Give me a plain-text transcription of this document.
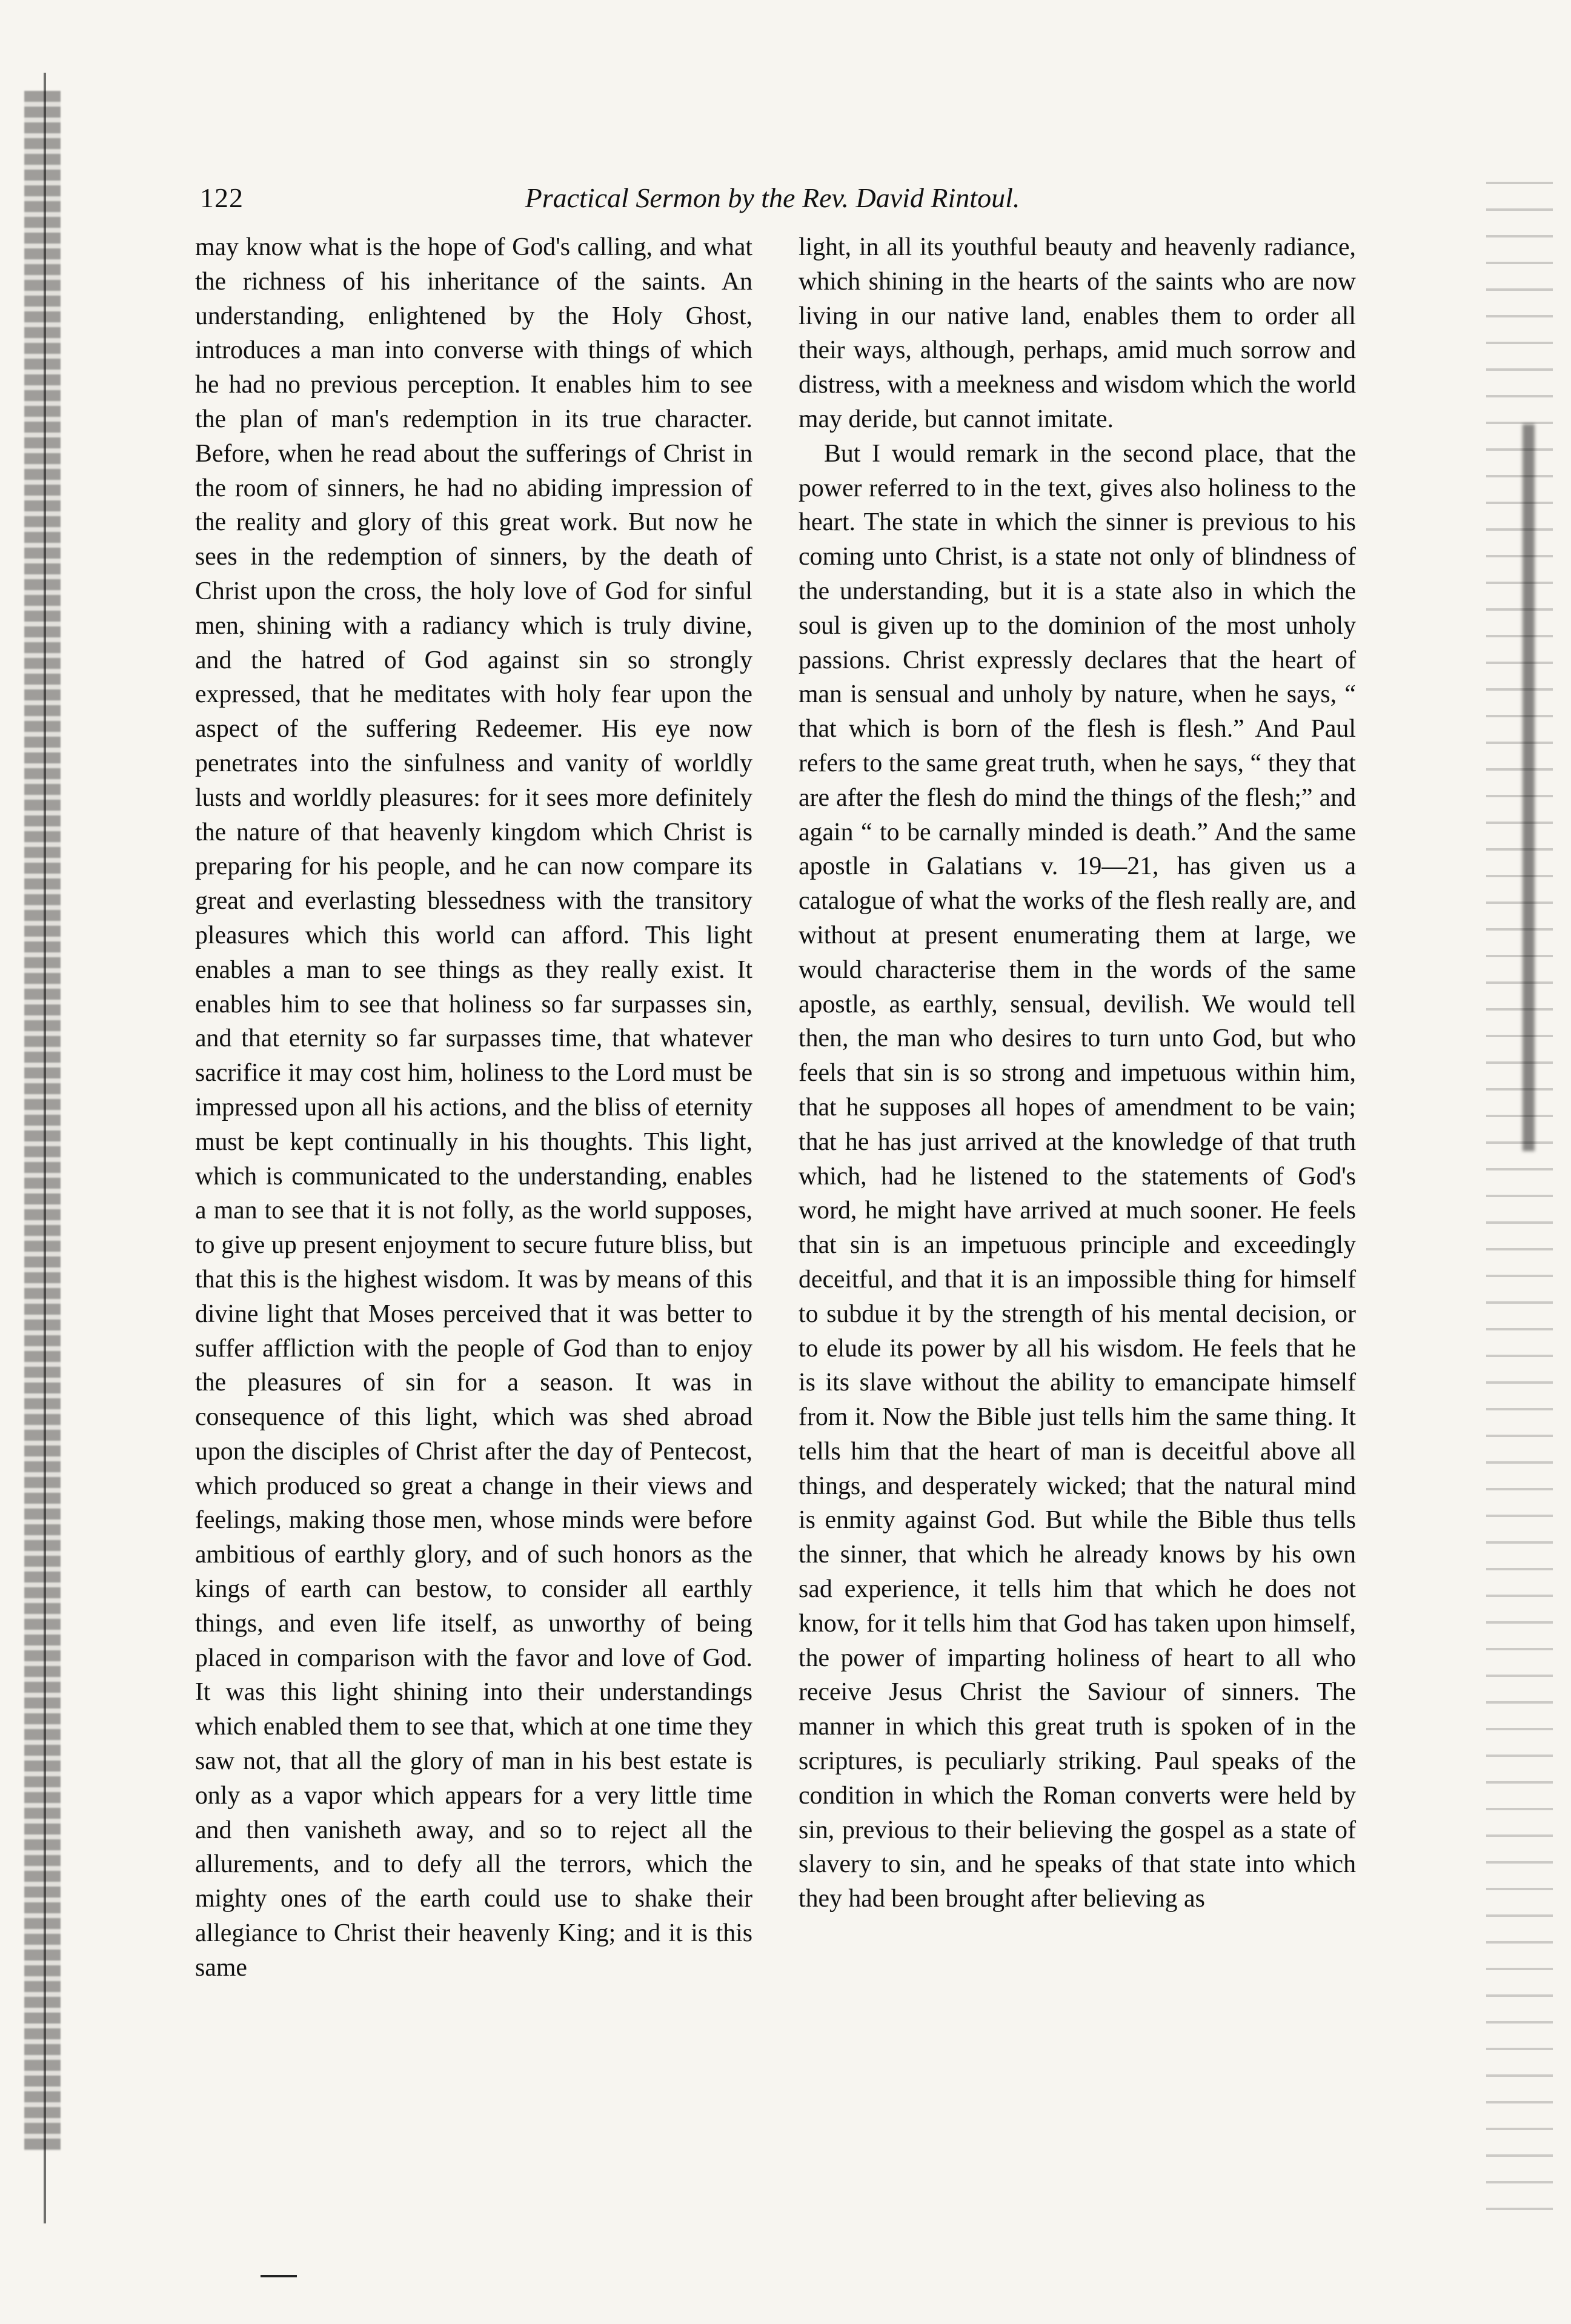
122	Practical Sermon by the Rev. David Rintoul.

may know what is the hope of God's calling, and what the richness of his inheritance of the saints. An understanding, enlightened by the Holy Ghost, introduces a man into converse with things of which he had no previous perception. It enables him to see the plan of man's redemption in its true character. Before, when he read about the sufferings of Christ in the room of sinners, he had no abiding impression of the reality and glory of this great work. But now he sees in the redemption of sinners, by the death of Christ upon the cross, the holy love of God for sinful men, shining with a radiancy which is truly divine, and the hatred of God against sin so strongly expressed, that he meditates with holy fear upon the aspect of the suffering Redeemer. His eye now penetrates into the sinfulness and vanity of worldly lusts and worldly pleasures: for it sees more definitely the nature of that heavenly kingdom which Christ is preparing for his people, and he can now compare its great and everlasting blessedness with the transitory pleasures which this world can afford. This light enables a man to see things as they really exist. It enables him to see that holiness so far surpasses sin, and that eternity so far surpasses time, that whatever sacrifice it may cost him, holiness to the Lord must be impressed upon all his actions, and the bliss of eternity must be kept continually in his thoughts. This light, which is communicated to the understanding, enables a man to see that it is not folly, as the world supposes, to give up present enjoyment to secure future bliss, but that this is the highest wisdom. It was by means of this divine light that Moses perceived that it was better to suffer affliction with the people of God than to enjoy the pleasures of sin for a season. It was in consequence of this light, which was shed abroad upon the disciples of Christ after the day of Pentecost, which produced so great a change in their views and feelings, making those men, whose minds were before ambitious of earthly glory, and of such honors as the kings of earth can bestow, to consider all earthly things, and even life itself, as unworthy of being placed in comparison with the favor and love of God. It was this light shining into their understandings which enabled them to see that, which at one time they saw not, that all the glory of man in his best estate is only as a vapor which appears for a very little time and then vanisheth away, and so to reject all the allurements, and to defy all the terrors, which the mighty ones of the earth could use to shake their allegiance to Christ their heavenly King; and it is this same

light, in all its youthful beauty and heavenly radiance, which shining in the hearts of the saints who are now living in our native land, enables them to order all their ways, although, perhaps, amid much sorrow and distress, with a meekness and wisdom which the world may deride, but cannot imitate.

But I would remark in the second place, that the power referred to in the text, gives also holiness to the heart. The state in which the sinner is previous to his coming unto Christ, is a state not only of blindness of the understanding, but it is a state also in which the soul is given up to the dominion of the most unholy passions. Christ expressly declares that the heart of man is sensual and unholy by nature, when he says, “ that which is born of the flesh is flesh.” And Paul refers to the same great truth, when he says, “ they that are after the flesh do mind the things of the flesh;” and again “ to be carnally minded is death.” And the same apostle in Galatians v. 19—21, has given us a catalogue of what the works of the flesh really are, and without at present enumerating them at large, we would characterise them in the words of the same apostle, as earthly, sensual, devilish. We would tell then, the man who desires to turn unto God, but who feels that sin is so strong and impetuous within him, that he supposes all hopes of amendment to be vain; that he has just arrived at the knowledge of that truth which, had he listened to the statements of God's word, he might have arrived at much sooner. He feels that sin is an impetuous principle and exceedingly deceitful, and that it is an impossible thing for himself to subdue it by the strength of his mental decision, or to elude its power by all his wisdom. He feels that he is its slave without the ability to emancipate himself from it. Now the Bible just tells him the same thing. It tells him that the heart of man is deceitful above all things, and desperately wicked; that the natural mind is enmity against God. But while the Bible thus tells the sinner, that which he already knows by his own sad experience, it tells him that which he does not know, for it tells him that God has taken upon himself, the power of imparting holiness of heart to all who receive Jesus Christ the Saviour of sinners. The manner in which this great truth is spoken of in the scriptures, is peculiarly striking. Paul speaks of the condition in which the Roman converts were held by sin, previous to their believing the gospel as a state of slavery to sin, and he speaks of that state into which they had been brought after believing as
